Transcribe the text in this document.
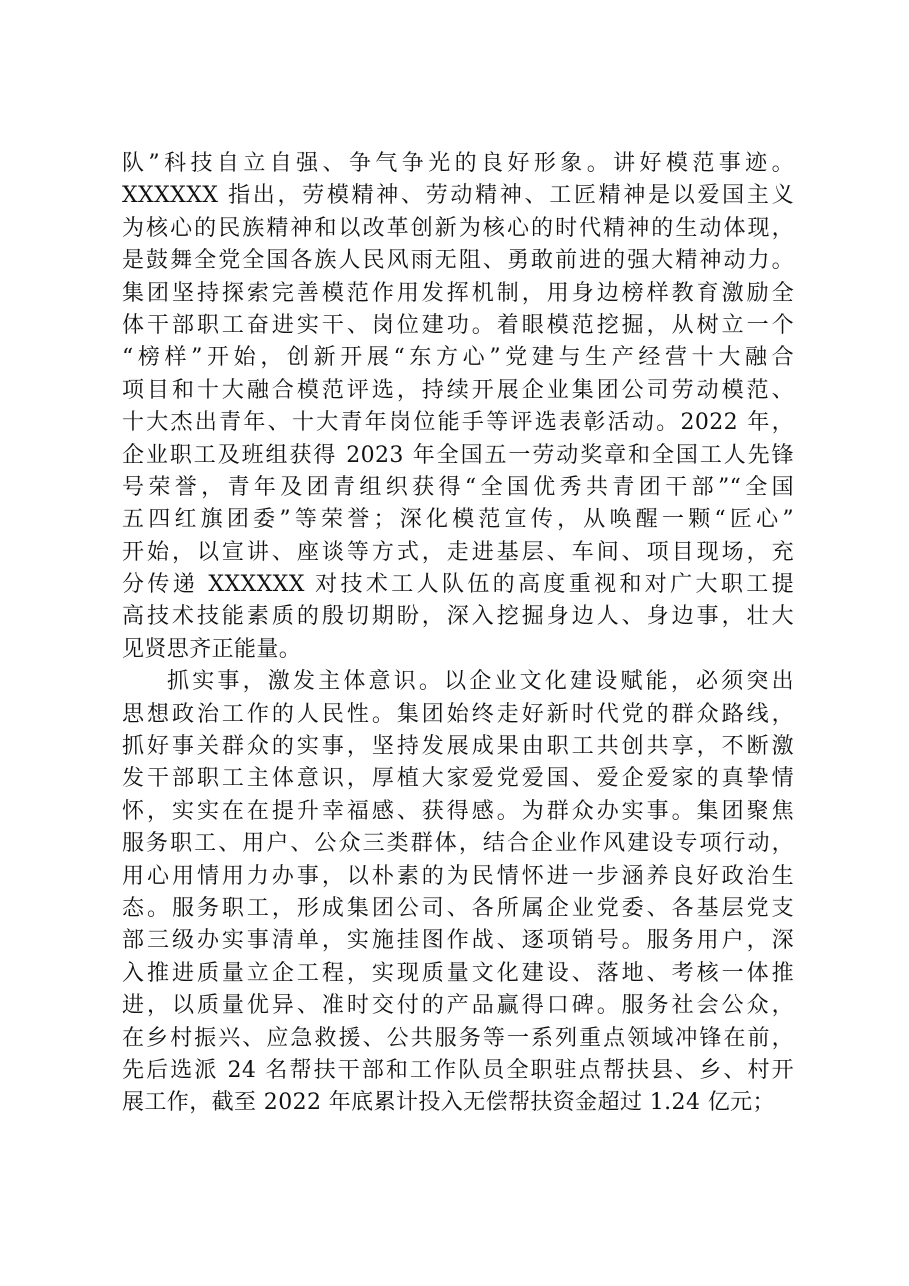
队”科技自立自强、争气争光的良好形象。讲好模范事迹。
XXXXXX 指出，劳模精神、劳动精神、工匠精神是以爱国主义
为核心的民族精神和以改革创新为核心的时代精神的生动体现，
是鼓舞全党全国各族人民风雨无阻、勇敢前进的强大精神动力。
集团坚持探索完善模范作用发挥机制，用身边榜样教育激励全
体干部职工奋进实干、岗位建功。着眼模范挖掘，从树立一个
“榜样”开始，创新开展“东方心”党建与生产经营十大融合
项目和十大融合模范评选，持续开展企业集团公司劳动模范、
十大杰出青年、十大青年岗位能手等评选表彰活动。2022 年，
企业职工及班组获得 2023 年全国五一劳动奖章和全国工人先锋
号荣誉，青年及团青组织获得“全国优秀共青团干部”“全国
五四红旗团委”等荣誉；深化模范宣传，从唤醒一颗“匠心”
开始，以宣讲、座谈等方式，走进基层、车间、项目现场，充
分传递 XXXXXX 对技术工人队伍的高度重视和对广大职工提
高技术技能素质的殷切期盼，深入挖掘身边人、身边事，壮大
见贤思齐正能量。
抓实事，激发主体意识。以企业文化建设赋能，必须突出
思想政治工作的人民性。集团始终走好新时代党的群众路线，
抓好事关群众的实事，坚持发展成果由职工共创共享，不断激
发干部职工主体意识，厚植大家爱党爱国、爱企爱家的真挚情
怀，实实在在提升幸福感、获得感。为群众办实事。集团聚焦
服务职工、用户、公众三类群体，结合企业作风建设专项行动，
用心用情用力办事，以朴素的为民情怀进一步涵养良好政治生
态。服务职工，形成集团公司、各所属企业党委、各基层党支
部三级办实事清单，实施挂图作战、逐项销号。服务用户，深
入推进质量立企工程，实现质量文化建设、落地、考核一体推
进，以质量优异、准时交付的产品赢得口碑。服务社会公众，
在乡村振兴、应急救援、公共服务等一系列重点领域冲锋在前，
先后选派 24 名帮扶干部和工作队员全职驻点帮扶县、乡、村开
展工作，截至 2022 年底累计投入无偿帮扶资金超过 1.24 亿元；
